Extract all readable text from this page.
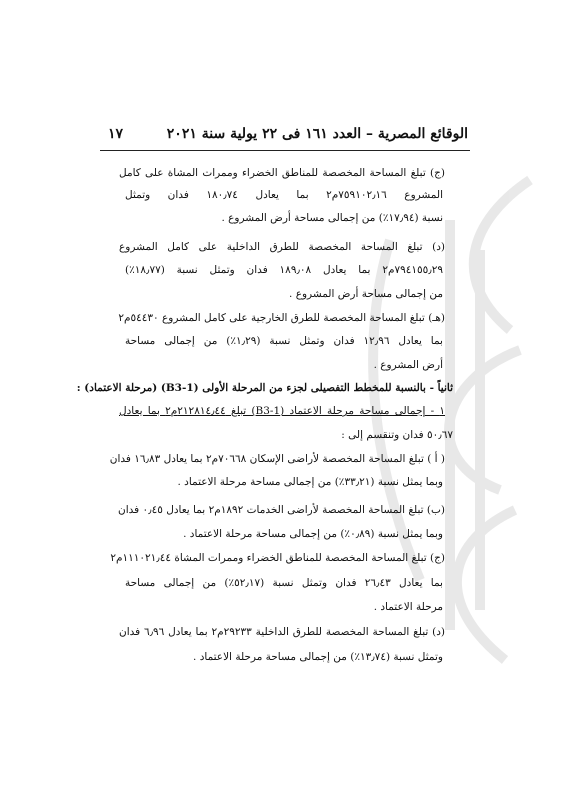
الوقائع المصرية – العدد ١٦١ فى ٢٢ يولية سنة ٢٠٢١
١٧
(ج) تبلغ المساحة المخصصة للمناطق الخضراء وممرات المشاة على كامل
المشروع ٧٥٩١٠٢٫١٦م٢ بما يعادل ١٨٠٫٧٤ فدان وتمثل
نسبة (١٧٫٩٤٪) من إجمالى مساحة أرض المشروع .
(د) تبلغ المساحة المخصصة للطرق الداخلية على كامل المشروع
٧٩٤١٥٥٫٢٩م٢ بما يعادل ١٨٩٫٠٨ فدان وتمثل نسبة (١٨٫٧٧٪)
من إجمالى مساحة أرض المشروع .
(هـ) تبلغ المساحة المخصصة للطرق الخارجية على كامل المشروع ٥٤٤٣٠م٢
بما يعادل ١٢٫٩٦ فدان وتمثل نسبة (١٫٢٩٪) من إجمالى مساحة
أرض المشروع .
ثانياً - بالنسبة للمخطط التفصيلى لجزء من المرحلة الأولى (B3-1) (مرحلة الاعتماد) :
١ - إجمالى مساحة مرحلة الاعتماد (B3-1) تبلغ ٢١٢٨١٤٫٤٤م٢ بما يعادل
٥٠٫٦٧ فدان وتنقسم إلى :
( أ ) تبلغ المساحة المخصصة لأراضى الإسكان ٧٠٦٦٨م٢ بما يعادل ١٦٫٨٣ فدان
وبما يمثل نسبة (٣٣٫٢١٪) من إجمالى مساحة مرحلة الاعتماد .
(ب) تبلغ المساحة المخصصة لأراضى الخدمات ١٨٩٢م٢ بما يعادل ٠٫٤٥ فدان
وبما يمثل نسبة (٠٫٨٩٪) من إجمالى مساحة مرحلة الاعتماد .
(ج) تبلغ المساحة المخصصة للمناطق الخضراء وممرات المشاة ١١١٠٢١٫٤٤م٢
بما يعادل ٢٦٫٤٣ فدان وتمثل نسبة (٥٢٫١٧٪) من إجمالى مساحة
مرحلة الاعتماد .
(د) تبلغ المساحة المخصصة للطرق الداخلية ٢٩٢٣٣م٢ بما يعادل ٦٫٩٦ فدان
وتمثل نسبة (١٣٫٧٤٪) من إجمالى مساحة مرحلة الاعتماد .
